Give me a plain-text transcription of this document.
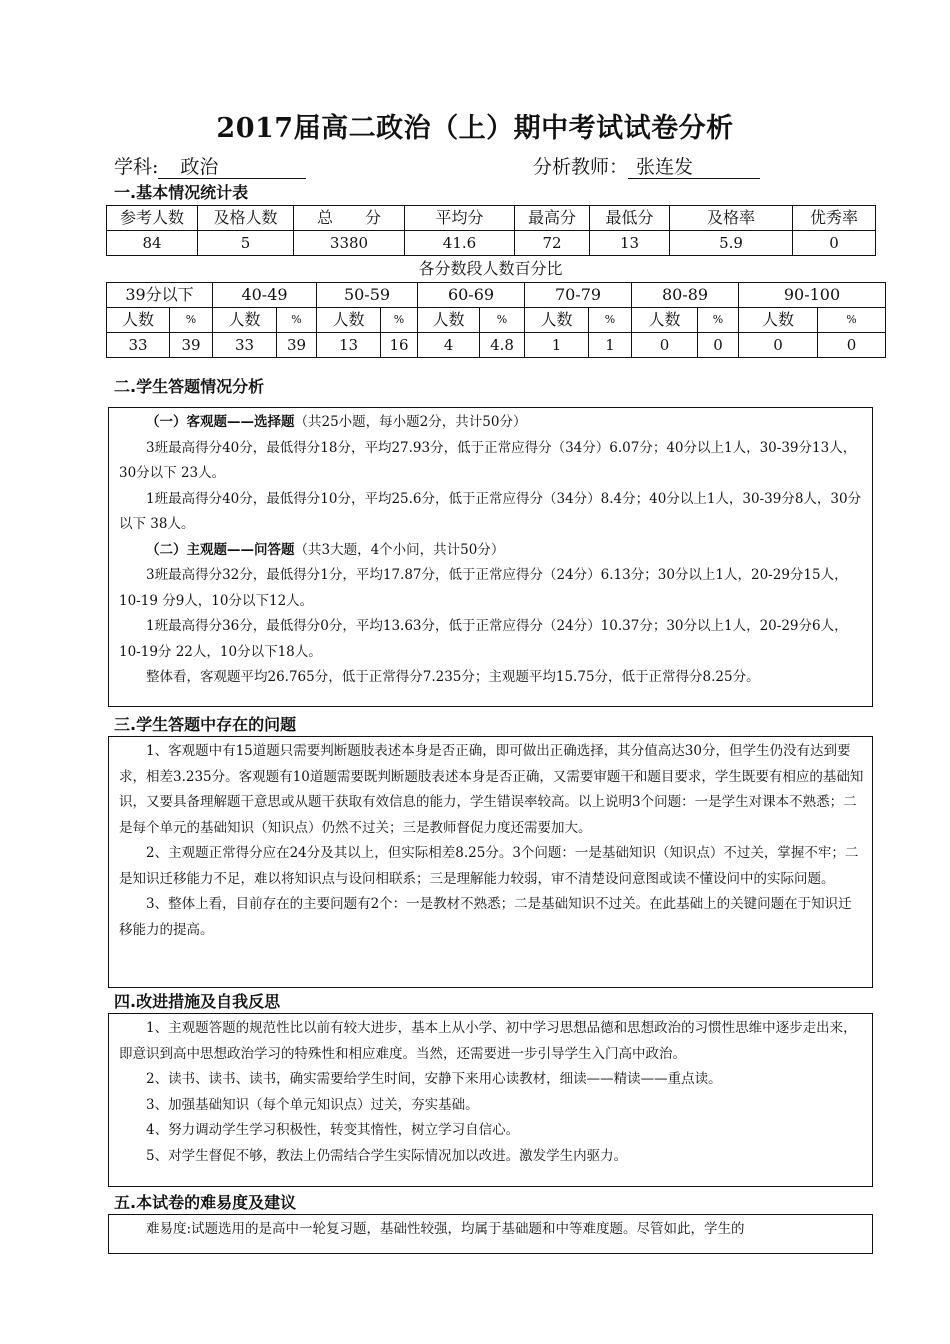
2017届高二政治（上）期中考试试卷分析
学科: 政治	分析教师： 张连发
一.基本情况统计表
参考人数	及格人数	总　　分	平均分	最高分	最低分	及格率	优秀率
84	5	3380	41.6	72	13	5.9	0
各分数段人数百分比
39分以下		40-49		50-59		60-69		70-79		80-89		90-100	
人数	%	人数	%	人数	%	人数	%	人数	%	人数	%	人数	%
33	39	33	39	13	16	4	4.8	1	1	0	0	0	0
二.学生答题情况分析
（一）客观题——选择题（共25小题，每小题2分，共计50分）

3班最高得分40分，最低得分18分，平均27.93分，低于正常应得分（34分）6.07分；40分以上1人，30-39分13人，30分以下 23人。

1班最高得分40分，最低得分10分，平均25.6分，低于正常应得分（34分）8.4分；40分以上1人，30-39分8人，30分以下 38人。

（二）主观题——问答题（共3大题，4个小问，共计50分）

3班最高得分32分，最低得分1分，平均17.87分，低于正常应得分（24分）6.13分；30分以上1人，20-29分15人，10-19 分9人，10分以下12人。

1班最高得分36分，最低得分0分，平均13.63分，低于正常应得分（24分）10.37分；30分以上1人，20-29分6人，10-19分 22人，10分以下18人。

整体看，客观题平均26.765分，低于正常得分7.235分；主观题平均15.75分，低于正常得分8.25分。

三.学生答题中存在的问题

1、客观题中有15道题只需要判断题肢表述本身是否正确，即可做出正确选择，其分值高达30分，但学生仍没有达到要求，相差3.235分。客观题有10道题需要既判断题肢表述本身是否正确，又需要审题干和题目要求，学生既要有相应的基础知识，又要具备理解题干意思或从题干获取有效信息的能力，学生错误率较高。以上说明3个问题：一是学生对课本不熟悉；二是每个单元的基础知识（知识点）仍然不过关；三是教师督促力度还需要加大。

2、主观题正常得分应在24分及其以上，但实际相差8.25分。3个问题：一是基础知识（知识点）不过关，掌握不牢；二是知识迁移能力不足，难以将知识点与设问相联系；三是理解能力较弱，审不清楚设问意图或读不懂设问中的实际问题。

3、整体上看，目前存在的主要问题有2个：一是教材不熟悉；二是基础知识不过关。在此基础上的关键问题在于知识迁移能力的提高。

四.改进措施及自我反思

1、主观题答题的规范性比以前有较大进步，基本上从小学、初中学习思想品德和思想政治的习惯性思维中逐步走出来，即意识到高中思想政治学习的特殊性和相应难度。当然，还需要进一步引导学生入门高中政治。

2、读书、读书、读书，确实需要给学生时间，安静下来用心读教材，细读——精读——重点读。

3、加强基础知识（每个单元知识点）过关，夯实基础。

4、努力调动学生学习积极性，转变其惰性，树立学习自信心。

5、对学生督促不够，教法上仍需结合学生实际情况加以改进。激发学生内驱力。

五.本试卷的难易度及建议

难易度:试题选用的是高中一轮复习题，基础性较强，均属于基础题和中等难度题。尽管如此，学生的
